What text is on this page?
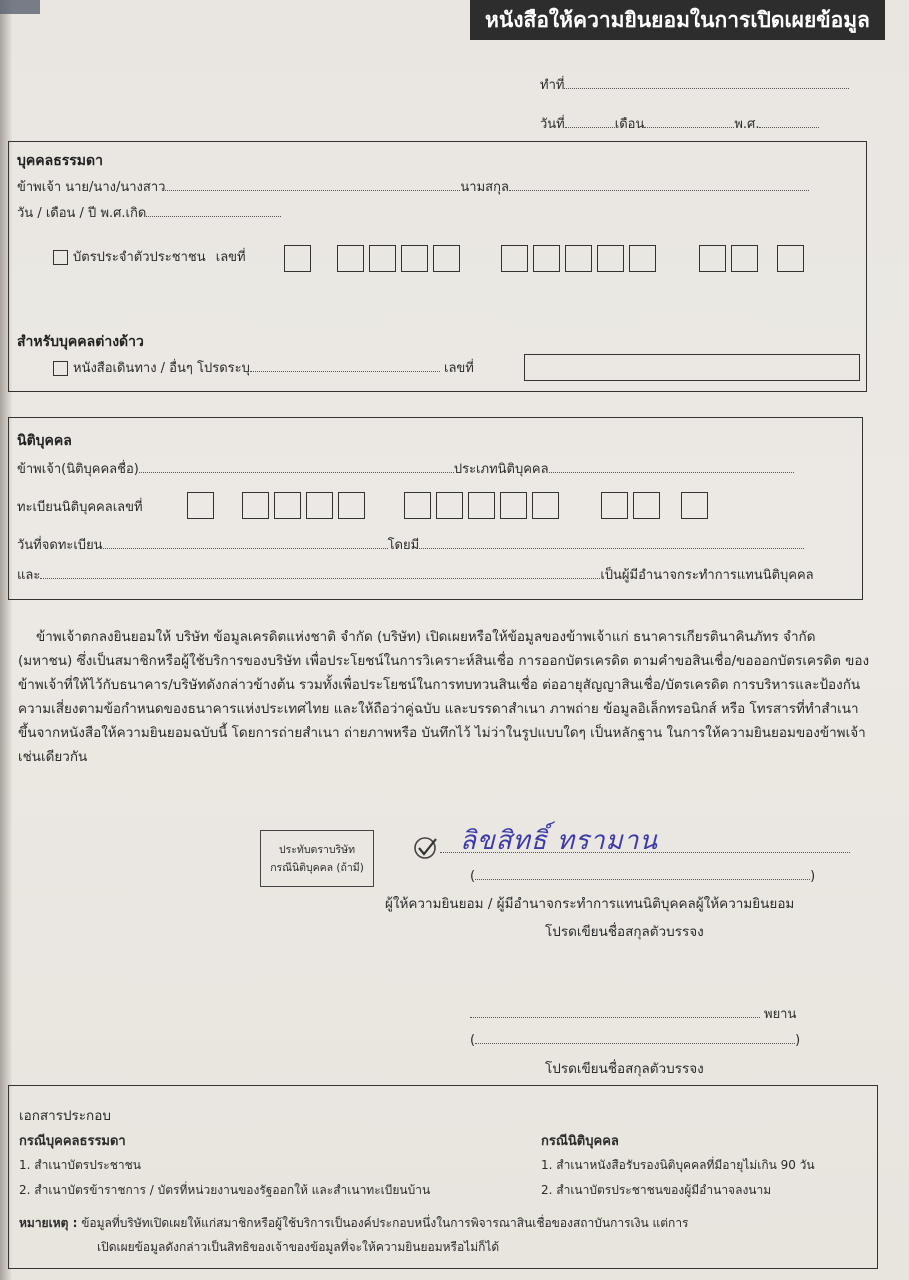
หนังสือให้ความยินยอมในการเปิดเผยข้อมูล
ทำที่
วันที่	เดือน	พ.ศ.
บุคคลธรรมดา
ข้าพเจ้า นาย/นาง/นางสาว	นามสกุล
วัน / เดือน / ปี พ.ศ.เกิด
บัตรประจำตัวประชาชน เลขที่
สำหรับบุคคลต่างด้าว
หนังสือเดินทาง / อื่นๆ โปรดระบุ	เลขที่
นิติบุคคล
ข้าพเจ้า(นิติบุคคลชื่อ)	ประเภทนิติบุคคล
ทะเบียนนิติบุคคลเลขที่
วันที่จดทะเบียน	โดยมี
และ	เป็นผู้มีอำนาจกระทำการแทนนิติบุคคล

ข้าพเจ้าตกลงยินยอมให้ บริษัท ข้อมูลเครดิตแห่งชาติ จำกัด (บริษัท) เปิดเผยหรือให้ข้อมูลของข้าพเจ้าแก่ ธนาคารเกียรตินาคินภัทร จำกัด (มหาชน) ซึ่งเป็นสมาชิกหรือผู้ใช้บริการของบริษัท เพื่อประโยชน์ในการวิเคราะห์สินเชื่อ การออกบัตรเครดิต ตามคำขอสินเชื่อ/ขอออกบัตรเครดิต ของข้าพเจ้าที่ให้ไว้กับธนาคาร/บริษัทดังกล่าวข้างต้น รวมทั้งเพื่อประโยชน์ในการทบทวนสินเชื่อ ต่ออายุสัญญาสินเชื่อ/บัตรเครดิต การบริหารและป้องกันความเสี่ยงตามข้อกำหนดของธนาคารแห่งประเทศไทย และให้ถือว่าคู่ฉบับ และบรรดาสำเนา ภาพถ่าย ข้อมูลอิเล็กทรอนิกส์ หรือ โทรสารที่ทำสำเนาขึ้นจากหนังสือให้ความยินยอมฉบับนี้ โดยการถ่ายสำเนา ถ่ายภาพหรือ บันทึกไว้ ไม่ว่าในรูปแบบใดๆ เป็นหลักฐาน ในการให้ความยินยอมของข้าพเจ้าเช่นเดียวกัน

ประทับตราบริษัท
กรณีนิติบุคคล (ถ้ามี)
ลิขสิทธิ์ ทรามาน
(	)
ผู้ให้ความยินยอม / ผู้มีอำนาจกระทำการแทนนิติบุคคลผู้ให้ความยินยอม
โปรดเขียนชื่อสกุลตัวบรรจง
พยาน
(	)
โปรดเขียนชื่อสกุลตัวบรรจง
เอกสารประกอบ
กรณีบุคคลธรรมดา
1. สำเนาบัตรประชาชน
2. สำเนาบัตรข้าราชการ / บัตรที่หน่วยงานของรัฐออกให้ และสำเนาทะเบียนบ้าน
กรณีนิติบุคคล
1. สำเนาหนังสือรับรองนิติบุคคลที่มีอายุไม่เกิน 90 วัน
2. สำเนาบัตรประชาชนของผู้มีอำนาจลงนาม
หมายเหตุ : ข้อมูลที่บริษัทเปิดเผยให้แก่สมาชิกหรือผู้ใช้บริการเป็นองค์ประกอบหนึ่งในการพิจารณาสินเชื่อของสถาบันการเงิน แต่การ
เปิดเผยข้อมูลดังกล่าวเป็นสิทธิของเจ้าของข้อมูลที่จะให้ความยินยอมหรือไม่ก็ได้
